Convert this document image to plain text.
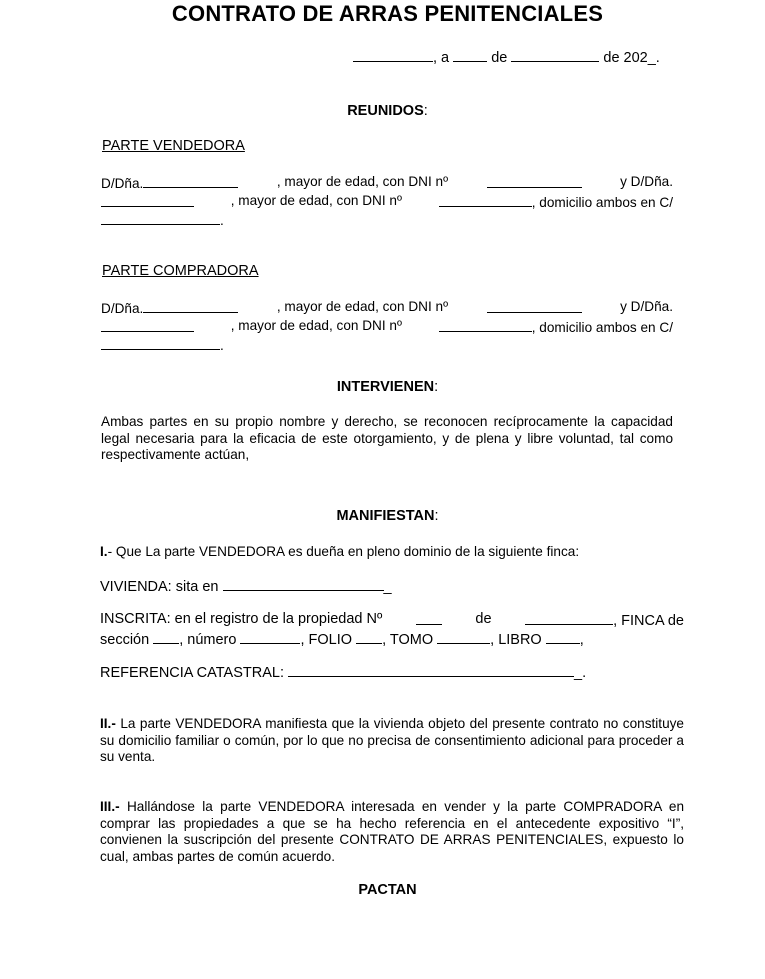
CONTRATO DE ARRAS PENITENCIALES
, a	de	de 202_.
REUNIDOS:
PARTE VENDEDORA
D/Dña.	, mayor de edad, con DNI nº	y D/Dña.
, mayor de edad, con DNI nº	, domicilio ambos en C/
.
PARTE COMPRADORA
D/Dña.	, mayor de edad, con DNI nº	y D/Dña.
, mayor de edad, con DNI nº	, domicilio ambos en C/
.
INTERVIENEN:
Ambas partes en su propio nombre y derecho, se reconocen recíprocamente la capacidad legal necesaria para la eficacia de este otorgamiento, y de plena y libre voluntad, tal como respectivamente actúan,
MANIFIESTAN:
I.- Que La parte VENDEDORA es dueña en pleno dominio de la siguiente finca:
VIVIENDA: sita en	_
INSCRITA: en el registro de la propiedad Nº	de	, FINCA de
sección , número	, FOLIO , TOMO	, LIBRO	,
REFERENCIA CATASTRAL:	_.
II.- La parte VENDEDORA manifiesta que la vivienda objeto del presente contrato no constituye su domicilio familiar o común, por lo que no precisa de consentimiento adicional para proceder a su venta.
III.- Hallándose la parte VENDEDORA interesada en vender y la parte COMPRADORA en comprar las propiedades a que se ha hecho referencia en el antecedente expositivo “I”, convienen la suscripción del presente CONTRATO DE ARRAS PENITENCIALES, expuesto lo cual, ambas partes de común acuerdo.
PACTAN
